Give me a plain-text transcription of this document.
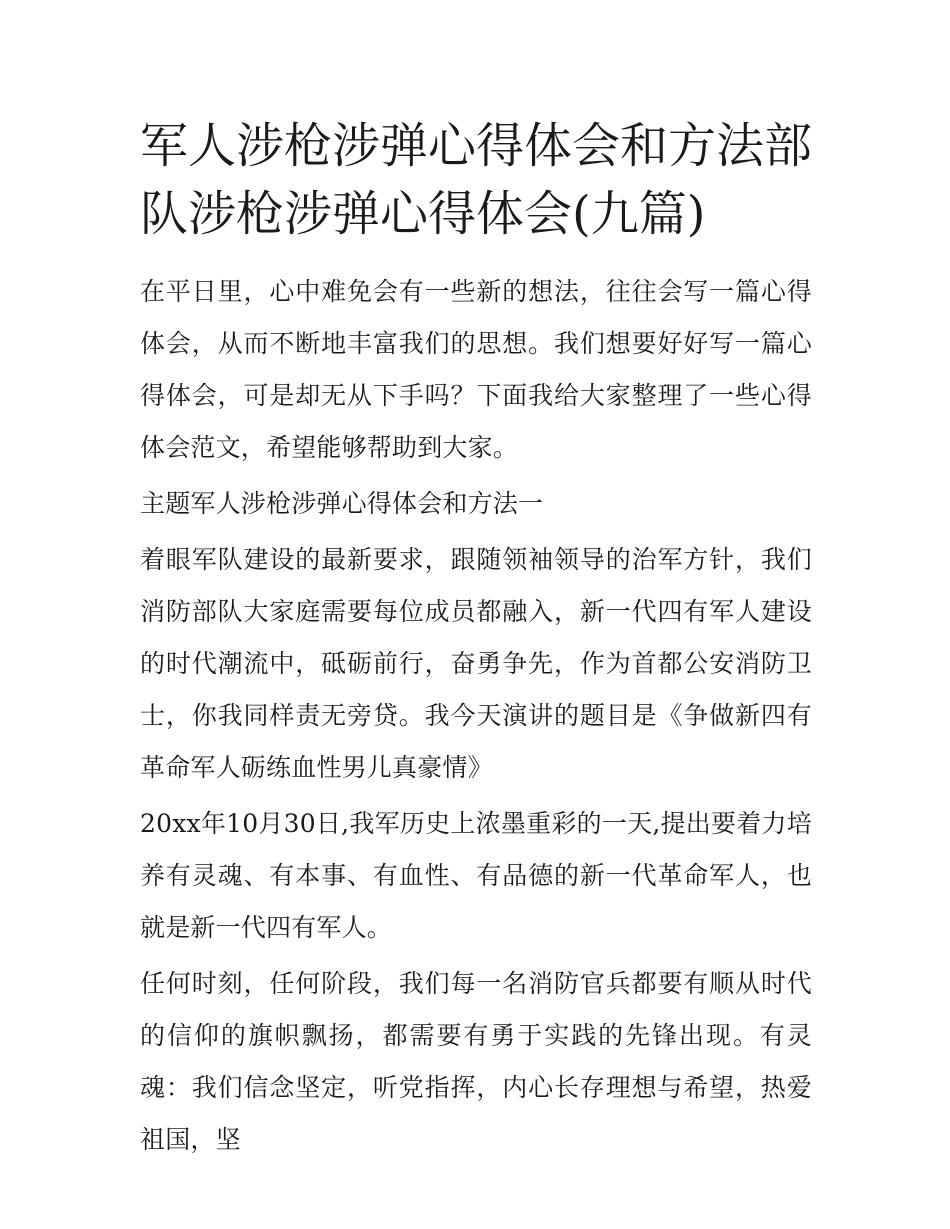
军人涉枪涉弹心得体会和方法部队涉枪涉弹心得体会(九篇)

在平日里，心中难免会有一些新的想法，往往会写一篇心得体会，从而不断地丰富我们的思想。我们想要好好写一篇心得体会，可是却无从下手吗？下面我给大家整理了一些心得体会范文，希望能够帮助到大家。

主题军人涉枪涉弹心得体会和方法一

着眼军队建设的最新要求，跟随领袖领导的治军方针，我们消防部队大家庭需要每位成员都融入，新一代四有军人建设的时代潮流中，砥砺前行，奋勇争先，作为首都公安消防卫士，你我同样责无旁贷。我今天演讲的题目是《争做新四有革命军人砺练血性男儿真豪情》

20xx年10月30日,我军历史上浓墨重彩的一天,提出要着力培养有灵魂、有本事、有血性、有品德的新一代革命军人，也就是新一代四有军人。

任何时刻，任何阶段，我们每一名消防官兵都要有顺从时代的信仰的旗帜飘扬，都需要有勇于实践的先锋出现。有灵魂：我们信念坚定，听党指挥，内心长存理想与希望，热爱祖国，坚
